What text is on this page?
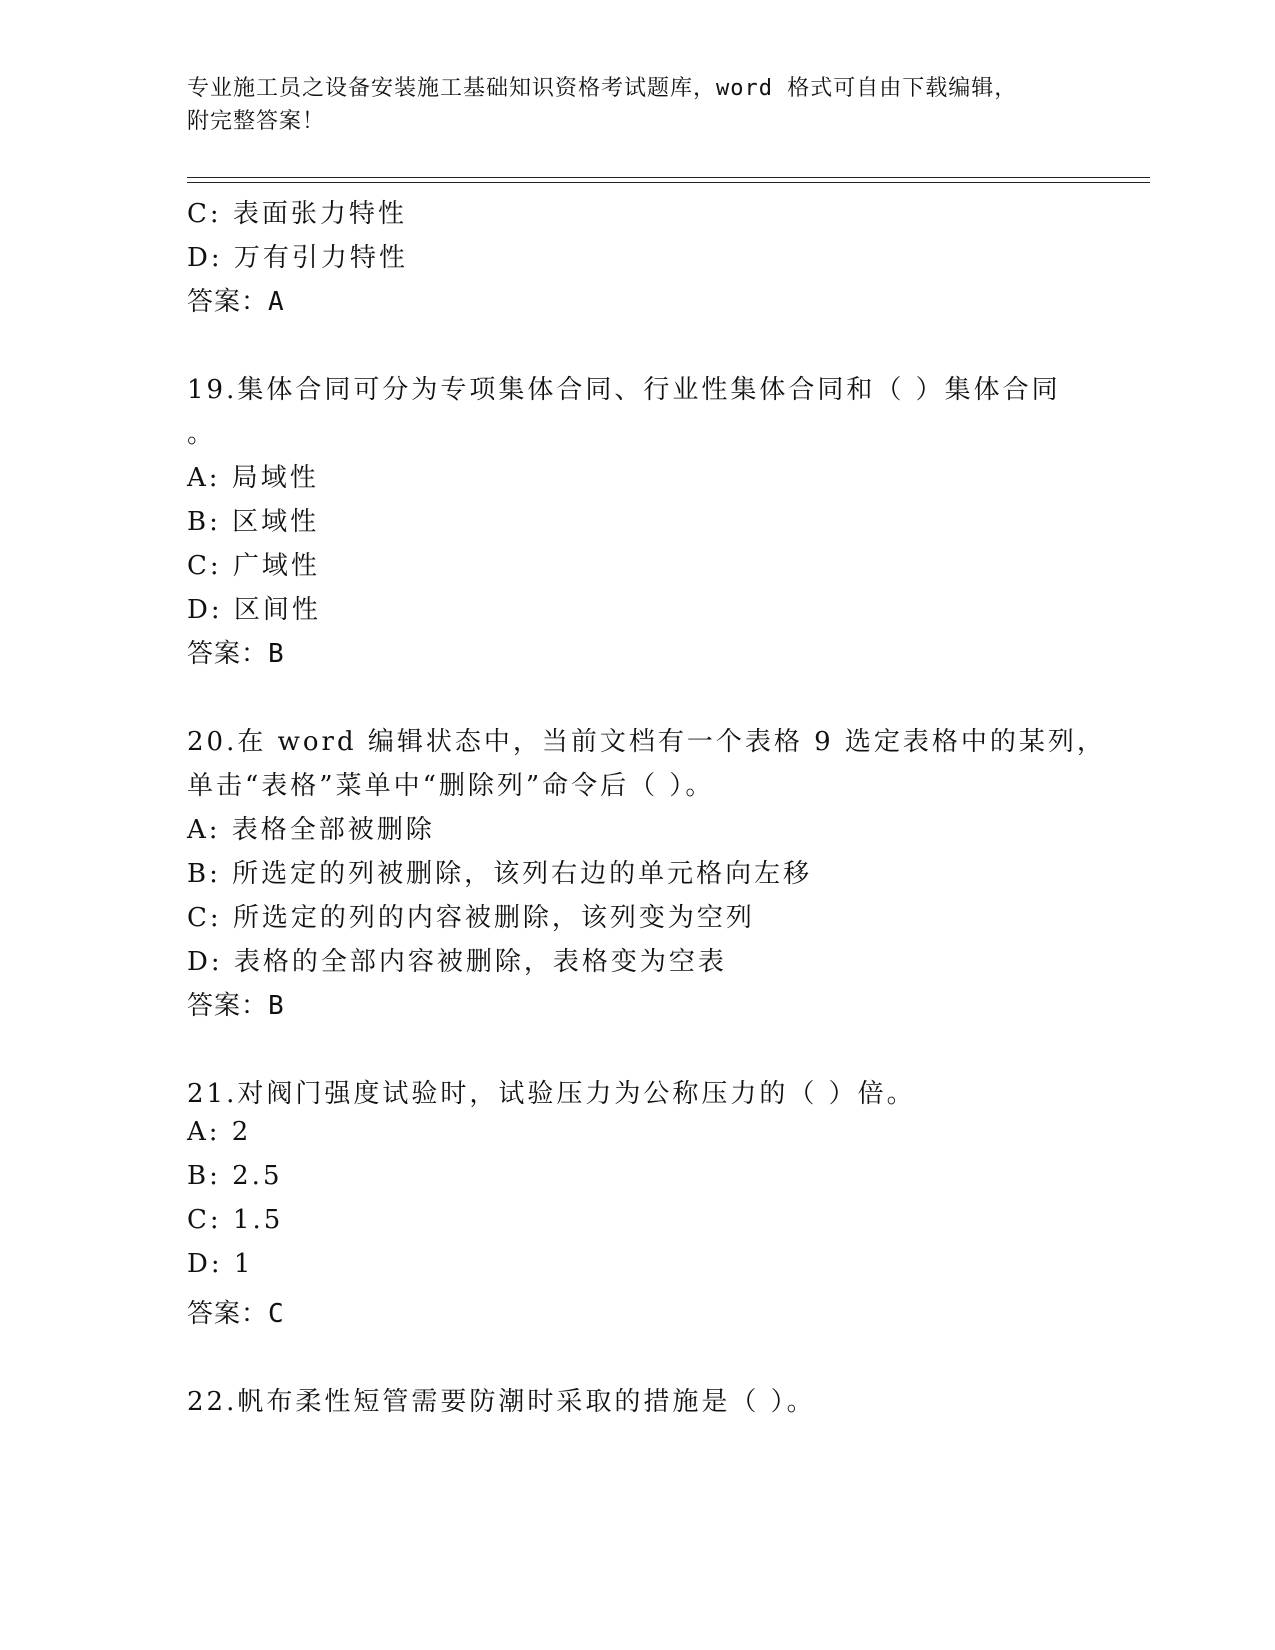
专业施工员之设备安装施工基础知识资格考试题库，word 格式可自由下载编辑，
附完整答案！
C: 表面张力特性
D: 万有引力特性
答案：A
19.集体合同可分为专项集体合同、行业性集体合同和（ ）集体合同
。
A: 局域性
B: 区域性
C: 广域性
D: 区间性
答案：B
20.在 word 编辑状态中，当前文档有一个表格 9 选定表格中的某列，
单击“表格”菜单中“删除列”命令后（ ）。
A: 表格全部被删除
B: 所选定的列被删除，该列右边的单元格向左移
C: 所选定的列的内容被删除，该列变为空列
D: 表格的全部内容被删除，表格变为空表
答案：B
21.对阀门强度试验时，试验压力为公称压力的（ ）倍。
A: 2
B: 2.5
C: 1.5
D: 1
答案：C
22.帆布柔性短管需要防潮时采取的措施是（ ）。
